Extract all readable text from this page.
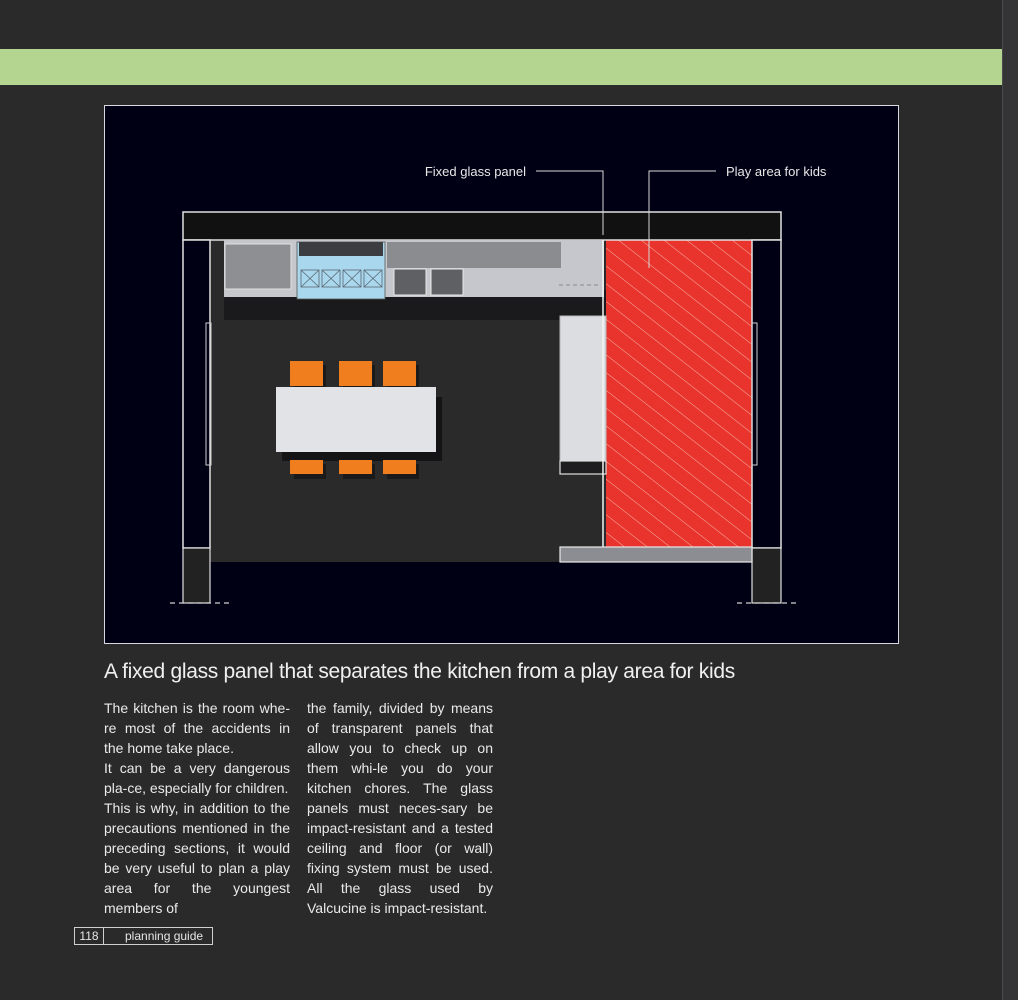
Fixed glass panel	Play area for kids
A fixed glass panel that separates the kitchen from a play area for kids

The kitchen is the room whe-re most of the accidents in the home take place.

It can be a very dangerous pla-ce, especially for children.

This is why, in addition to the precautions mentioned in the preceding sections, it would be very useful to plan a play area for the youngest members of

the family, divided by means of transparent panels that allow you to check up on them whi-le you do your kitchen chores. The glass panels must neces-sary be impact-resistant and a tested ceiling and floor (or wall) fixing system must be used. All the glass used by Valcucine is impact-resistant.

118	planning guide
